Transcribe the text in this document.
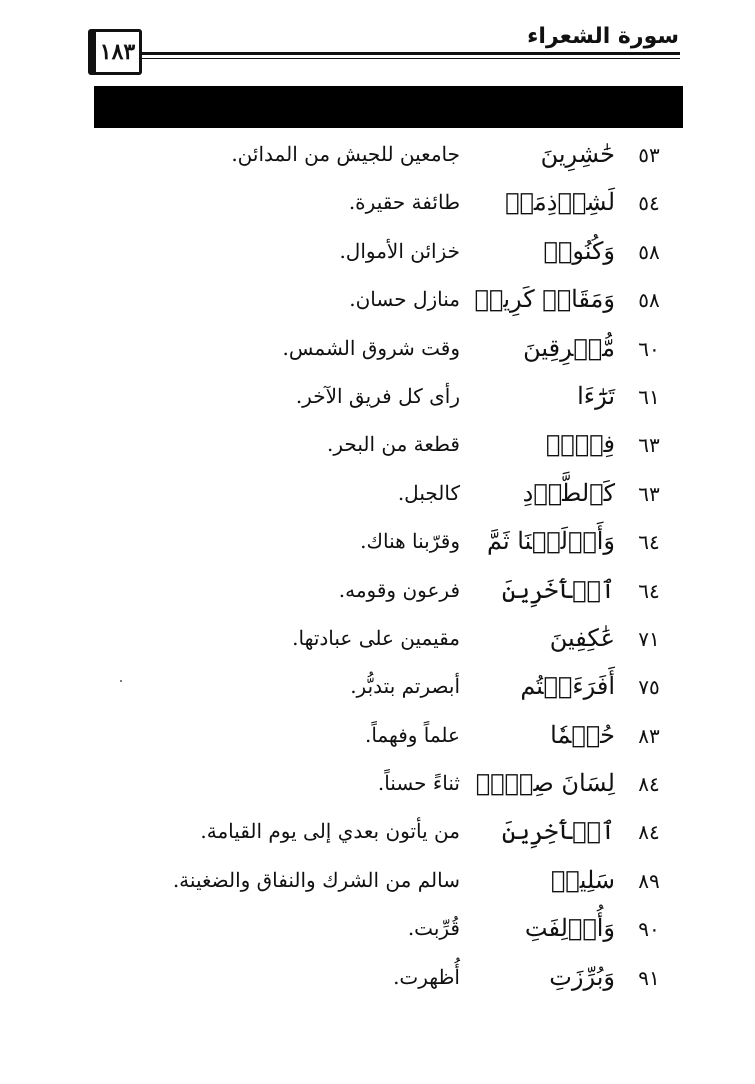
سورة الشعراء
١٨٣
٥٣
حَٰشِرِينَ
جامعين للجيش من المدائن.
٥٤
لَشِرۡذِمَةٞ
طائفة حقيرة.
٥٨
وَكُنُوزٖ
خزائن الأموال.
٥٨
وَمَقَامٖ كَرِيمٖ
منازل حسان.
٦٠
مُّشۡرِقِينَ
وقت شروق الشمس.
٦١
تَرَٰٓءَا
رأى كل فريق الآخر.
٦٣
فِرۡقٖ
قطعة من البحر.
٦٣
كَٱلطَّوۡدِ
كالجبل.
٦٤
وَأَزۡلَفۡنَا ثَمَّ
وقرّبنا هناك.
٦٤
ٱلۡأٓخَرِينَ
فرعون وقومه.
٧١
عَٰكِفِينَ
مقيمين على عبادتها.
٧٥
أَفَرَءَيۡتُم
أبصرتم بتدبُّر.
٨٣
حُكۡمٗا
علماً وفهماً.
٨٤
لِسَانَ صِدۡقٖ
ثناءً حسناً.
٨٤
ٱلۡأٓخِرِينَ
من يأتون بعدي إلى يوم القيامة.
٨٩
سَلِيمٖ
سالم من الشرك والنفاق والضغينة.
٩٠
وَأُزۡلِفَتِ
قُرِّبت.
٩١
وَبُرِّزَتِ
أُظهرت.
